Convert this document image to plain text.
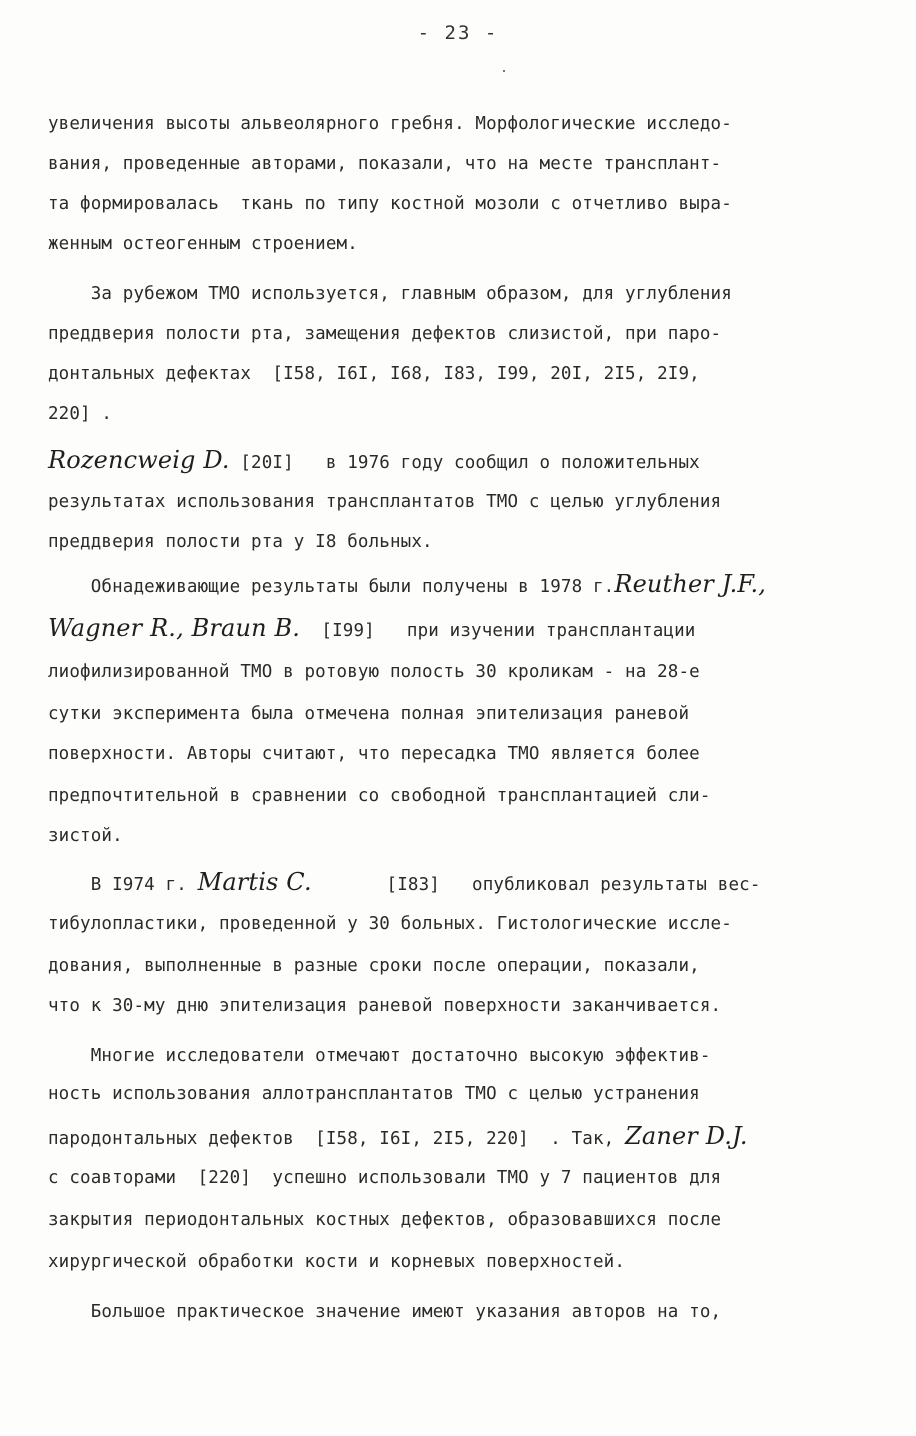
- 23 -
увеличения высоты альвеолярного гребня. Морфологические исследо-
вания, проведенные авторами, показали, что на месте трансплант-
та формировалась  ткань по типу костной мозоли с отчетливо выра-
женным остеогенным строением.
За рубежом ТМО используется, главным образом, для углубления
преддверия полости рта, замещения дефектов слизистой, при паро-
донтальных дефектах  [I58, I6I, I68, I83, I99, 20I, 2I5, 2I9,
220] .
Rozencweig D. [20I]   в 1976 году сообщил о положительных
результатах использования трансплантатов ТМО с целью углубления
преддверия полости рта у I8 больных.
Обнадеживающие результаты были получены в 1978 г.Reuther J.F.,
Wagner R., Braun B.  [I99]   при изучении трансплантации
лиофилизированной ТМО в ротовую полость 30 кроликам - на 28-е
сутки эксперимента была отмечена полная эпителизация раневой
поверхности. Авторы считают, что пересадка ТМО является более
предпочтительной в сравнении со свободной трансплантацией сли-
зистой.
В I974 г. Martis C.       [I83]   опубликовал результаты вес-
тибулопластики, проведенной у 30 больных. Гистологические иссле-
дования, выполненные в разные сроки после операции, показали,
что к 30-му дню эпителизация раневой поверхности заканчивается.
Многие исследователи отмечают достаточно высокую эффектив-
ность использования аллотрансплантатов ТМО с целью устранения
пародонтальных дефектов  [I58, I6I, 2I5, 220]  . Так, Zaner D.J.
с соавторами  [220]  успешно использовали ТМО у 7 пациентов для
закрытия периодонтальных костных дефектов, образовавшихся после
хирургической обработки кости и корневых поверхностей.
Большое практическое значение имеют указания авторов на то,
